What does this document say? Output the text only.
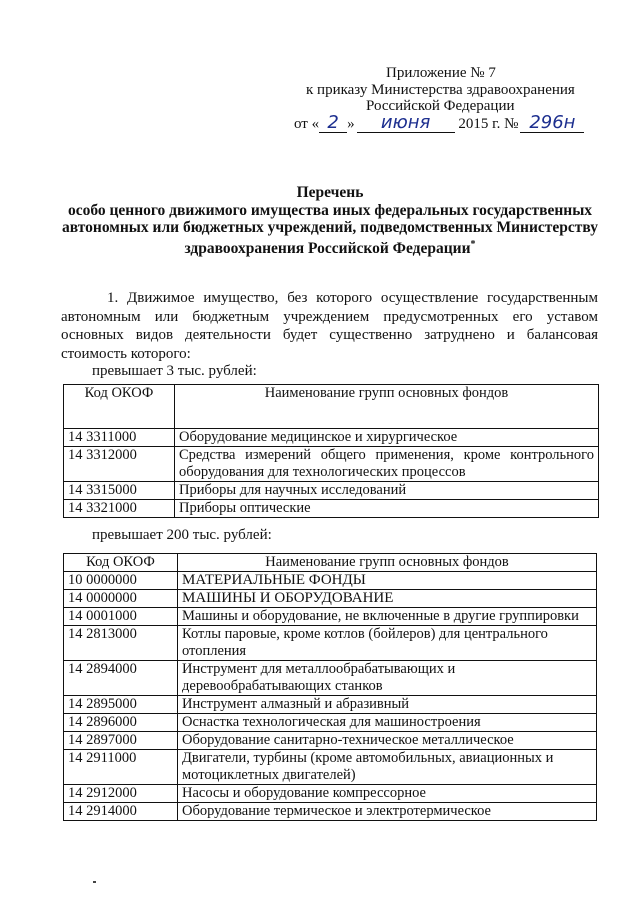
Приложение № 7
к приказу Министерства здравоохранения
Российской Федерации
от « 2 » июня 2015 г. № 296н
Перечень
особо ценного движимого имущества иных федеральных государственных
автономных или бюджетных учреждений, подведомственных Министерству
здравоохранения Российской Федерации*
1. Движимое имущество, без которого осуществление государственным автономным или бюджетным учреждением предусмотренных его уставом основных видов деятельности будет существенно затруднено и балансовая стоимость которого:
превышает 3 тыс. рублей:
Код ОКОФ	Наименование групп основных фондов
14 3311000	Оборудование медицинское и хирургическое
14 3312000	Средства измерений общего применения, кроме контрольного оборудования для технологических процессов
14 3315000	Приборы для научных исследований
14 3321000	Приборы оптические
превышает 200 тыс. рублей:
Код ОКОФ	Наименование групп основных фондов
10 0000000	МАТЕРИАЛЬНЫЕ ФОНДЫ
14 0000000	МАШИНЫ И ОБОРУДОВАНИЕ
14 0001000	Машины и оборудование, не включенные в другие группировки
14 2813000	Котлы паровые, кроме котлов (бойлеров) для центрального отопления
14 2894000	Инструмент для металлообрабатывающих и деревообрабатывающих станков
14 2895000	Инструмент алмазный и абразивный
14 2896000	Оснастка технологическая для машиностроения
14 2897000	Оборудование санитарно-техническое металлическое
14 2911000	Двигатели, турбины (кроме автомобильных, авиационных и мотоциклетных двигателей)
14 2912000	Насосы и оборудование компрессорное
14 2914000	Оборудование термическое и электротермическое
